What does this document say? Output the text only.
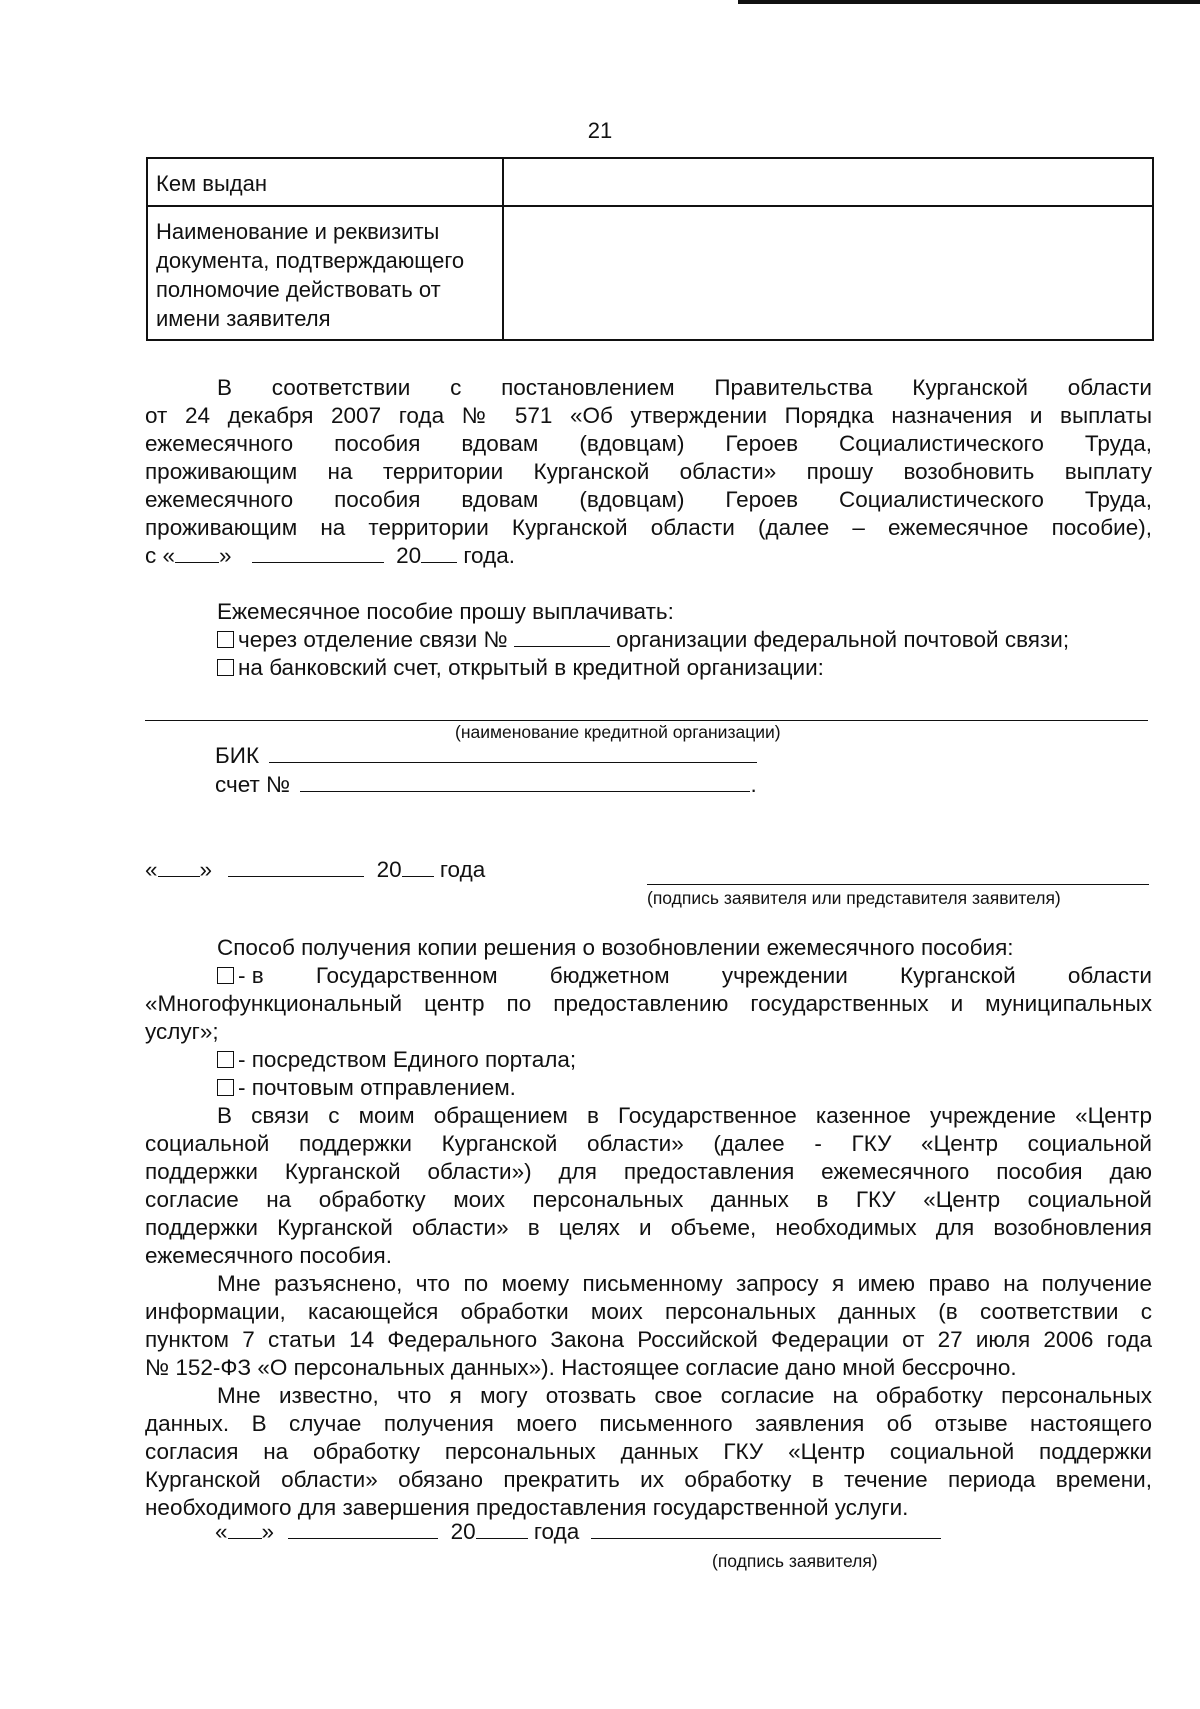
21
Кем выдан	
Наименование и реквизиты документа, подтверждающего полномочие действовать от имени заявителя	
В соответствии с постановлением Правительства Курганской области
от 24 декабря 2007 года № 571 «Об утверждении Порядка назначения и выплаты
ежемесячного пособия вдовам (вдовцам) Героев Социалистического Труда,
проживающим на территории Курганской области» прошу возобновить выплату
ежемесячного пособия вдовам (вдовцам) Героев Социалистического Труда,
проживающим на территории Курганской области (далее – ежемесячное пособие),
с « »	20 года.
Ежемесячное пособие прошу выплачивать:
через отделение связи №	организации федеральной почтовой связи;
на банковский счет, открытый в кредитной организации:
(наименование кредитной организации)
БИК
счет №	.
« »	20 года
(подпись заявителя или представителя заявителя)
Способ получения копии решения о возобновлении ежемесячного пособия:
- в Государственном бюджетном учреждении Курганской области
«Многофункциональный центр по предоставлению государственных и муниципальных
услуг»;
- посредством Единого портала;
- почтовым отправлением.
В связи с моим обращением в Государственное казенное учреждение «Центр
социальной поддержки Курганской области» (далее - ГКУ «Центр социальной
поддержки Курганской области») для предоставления ежемесячного пособия даю
согласие на обработку моих персональных данных в ГКУ «Центр социальной
поддержки Курганской области» в целях и объеме, необходимых для возобновления
ежемесячного пособия.
Мне разъяснено, что по моему письменному запросу я имею право на получение
информации, касающейся обработки моих персональных данных (в соответствии с
пунктом 7 статьи 14 Федерального Закона Российской Федерации от 27 июля 2006 года
№ 152-ФЗ «О персональных данных»). Настоящее согласие дано мной бессрочно.
Мне известно, что я могу отозвать свое согласие на обработку персональных
данных. В случае получения моего письменного заявления об отзыве настоящего
согласия на обработку персональных данных ГКУ «Центр социальной поддержки
Курганской области» обязано прекратить их обработку в течение периода времени,
необходимого для завершения предоставления государственной услуги.
« »	20 года
(подпись заявителя)
